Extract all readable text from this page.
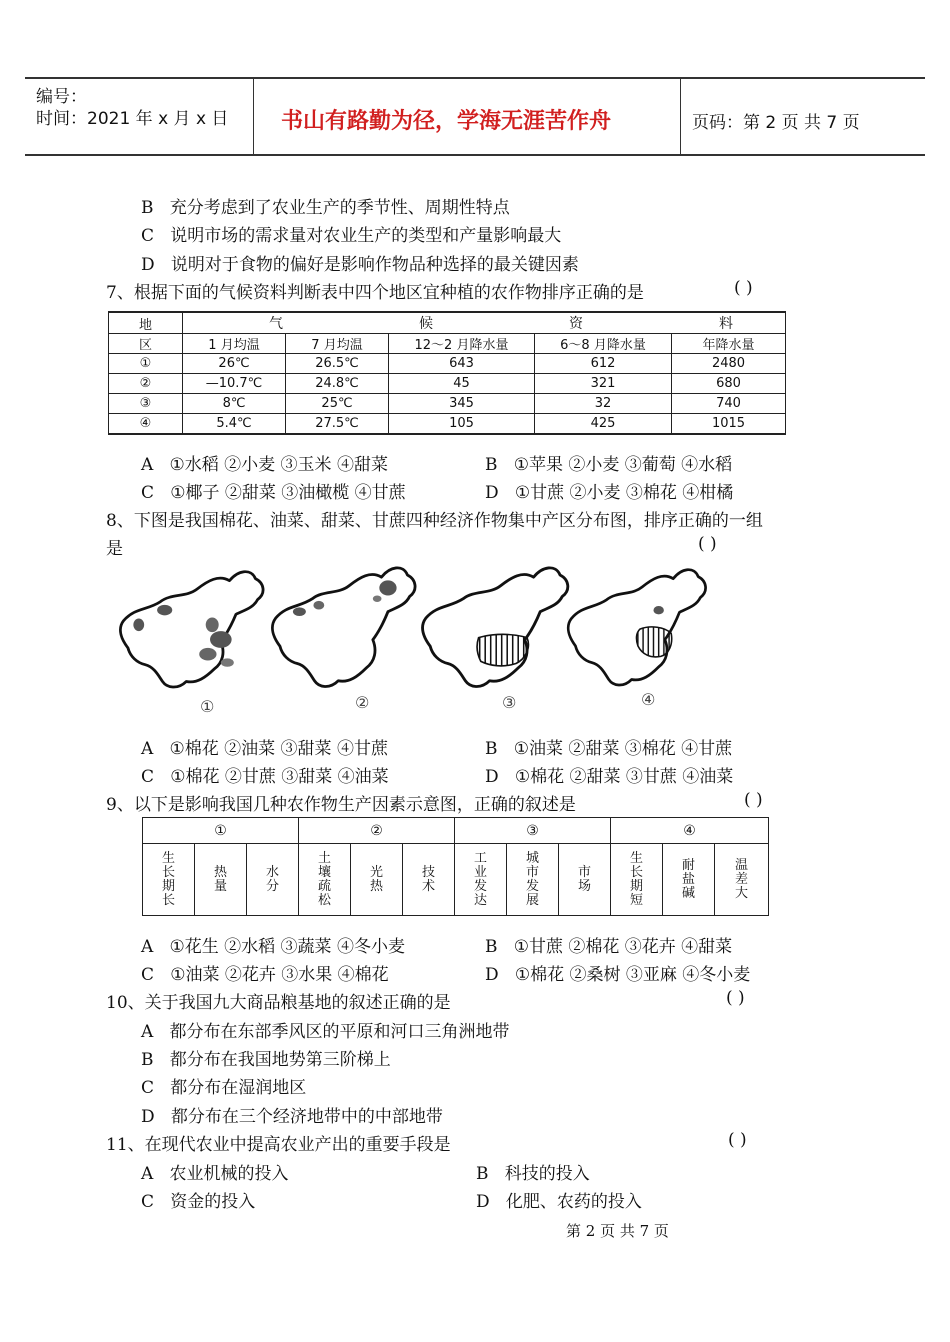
编号：
时间：2021 年 x 月 x 日 书山有路勤为径，学海无涯苦作舟	页码：第 2 页 共 7 页
B 充分考虑到了农业生产的季节性、周期性特点
C 说明市场的需求量对农业生产的类型和产量影响最大
D 说明对于食物的偏好是影响作物品种选择的最关键因素
7、根据下面的气候资料判断表中四个地区宜种植的农作物排序正确的是	( )
地	气 候 资 料				

区	1 月均温	7 月均温	12～2 月降水量	6～8 月降水量	年降水量
①	26℃	26.5℃	643	612	2480
②	—10.7℃	24.8℃	45	321	680
③	8℃	25℃	345	32	740
④	5.4℃	27.5℃	105	425	1015
A ①水稻 ②小麦 ③玉米 ④甜菜	B ①苹果 ②小麦 ③葡萄 ④水稻
C ①椰子 ②甜菜 ③油橄榄 ④甘蔗	D ①甘蔗 ②小麦 ③棉花 ④柑橘
8、下图是我国棉花、油菜、甜菜、甘蔗四种经济作物集中产区分布图，排序正确的一组
是	( )
①	②	③	④
A ①棉花 ②油菜 ③甜菜 ④甘蔗	B ①油菜 ②甜菜 ③棉花 ④甘蔗
C ①棉花 ②甘蔗 ③甜菜 ④油菜	D ①棉花 ②甜菜 ③甘蔗 ④油菜
9、以下是影响我国几种农作物生产因素示意图，正确的叙述是	( )
①			②			③			④		
生长期长	热量	水分	土壤疏松	光热	技术	工业发达	城市发展	市场	生长期短	耐盐碱	温差大
A ①花生 ②水稻 ③蔬菜 ④冬小麦	B ①甘蔗 ②棉花 ③花卉 ④甜菜
C ①油菜 ②花卉 ③水果 ④棉花	D ①棉花 ②桑树 ③亚麻 ④冬小麦
10、关于我国九大商品粮基地的叙述正确的是	( )
A 都分布在东部季风区的平原和河口三角洲地带
B 都分布在我国地势第三阶梯上
C 都分布在湿润地区
D 都分布在三个经济地带中的中部地带
11、在现代农业中提高农业产出的重要手段是	( )
A 农业机械的投入	B 科技的投入
C 资金的投入	D 化肥、农药的投入
第 2 页 共 7 页
